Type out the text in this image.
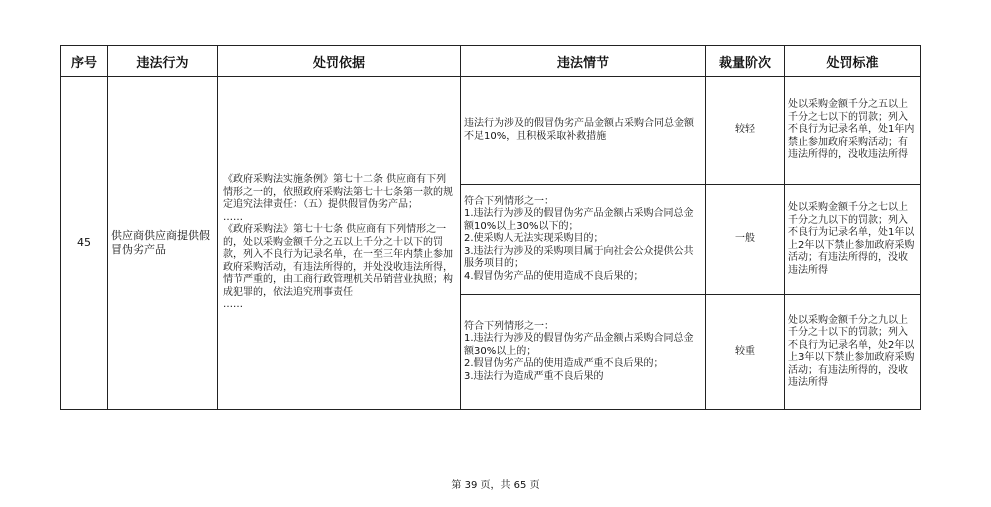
序号	违法行为	处罚依据	违法情节	裁量阶次	处罚标准
45	供应商供应商提供假冒伪劣产品	《政府采购法实施条例》第七十二条 供应商有下列情形之一的，依照政府采购法第七十七条第一款的规定追究法律责任：（五）提供假冒伪劣产品；

……

《政府采购法》第七十七条 供应商有下列情形之一的，处以采购金额千分之五以上千分之十以下的罚款，列入不良行为记录名单，在一至三年内禁止参加政府采购活动，有违法所得的，并处没收违法所得，情节严重的，由工商行政管理机关吊销营业执照；构成犯罪的，依法追究刑事责任

……	违法行为涉及的假冒伪劣产品金额占采购合同总金额不足10%，且积极采取补救措施	较轻	处以采购金额千分之五以上千分之七以下的罚款；列入不良行为记录名单，处1年内禁止参加政府采购活动；有违法所得的，没收违法所得
			符合下列情形之一：
1.违法行为涉及的假冒伪劣产品金额占采购合同总金额10%以上30%以下的；
2.使采购人无法实现采购目的；
3.违法行为涉及的采购项目属于向社会公众提供公共服务项目的；
4.假冒伪劣产品的使用造成不良后果的；	一般	处以采购金额千分之七以上千分之九以下的罚款；列入不良行为记录名单，处1年以上2年以下禁止参加政府采购活动；有违法所得的，没收违法所得
			符合下列情形之一：
1.违法行为涉及的假冒伪劣产品金额占采购合同总金额30%以上的；
2.假冒伪劣产品的使用造成严重不良后果的；
3.违法行为造成严重不良后果的	较重	处以采购金额千分之九以上千分之十以下的罚款；列入不良行为记录名单，处2年以上3年以下禁止参加政府采购活动；有违法所得的，没收违法所得
第 39 页，共 65 页
